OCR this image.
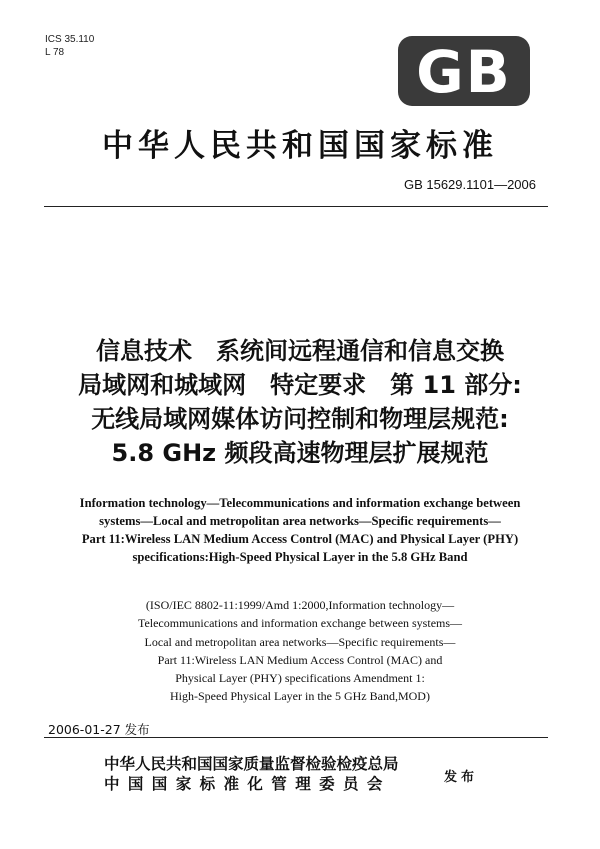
ICS 35.110
L 78	GB
中华人民共和国国家标准
GB 15629.1101—2006
信息技术　系统间远程通信和信息交换
局域网和城域网　特定要求　第 11 部分:
无线局域网媒体访问控制和物理层规范:
5.8 GHz 频段高速物理层扩展规范
Information technology—Telecommunications and information exchange between
systems—Local and metropolitan area networks—Specific requirements—
Part 11:Wireless LAN Medium Access Control (MAC) and Physical Layer (PHY)
specifications:High-Speed Physical Layer in the 5.8 GHz Band
(ISO/IEC 8802-11:1999/Amd 1:2000,Information technology—
Telecommunications and information exchange between systems—
Local and metropolitan area networks—Specific requirements—
Part 11:Wireless LAN Medium Access Control (MAC) and
Physical Layer (PHY) specifications Amendment 1:
High-Speed Physical Layer in the 5 GHz Band,MOD)
2006-01-27 发布
中华人民共和国国家质量监督检验检疫总局
中国国家标准化管理委员会	发布
